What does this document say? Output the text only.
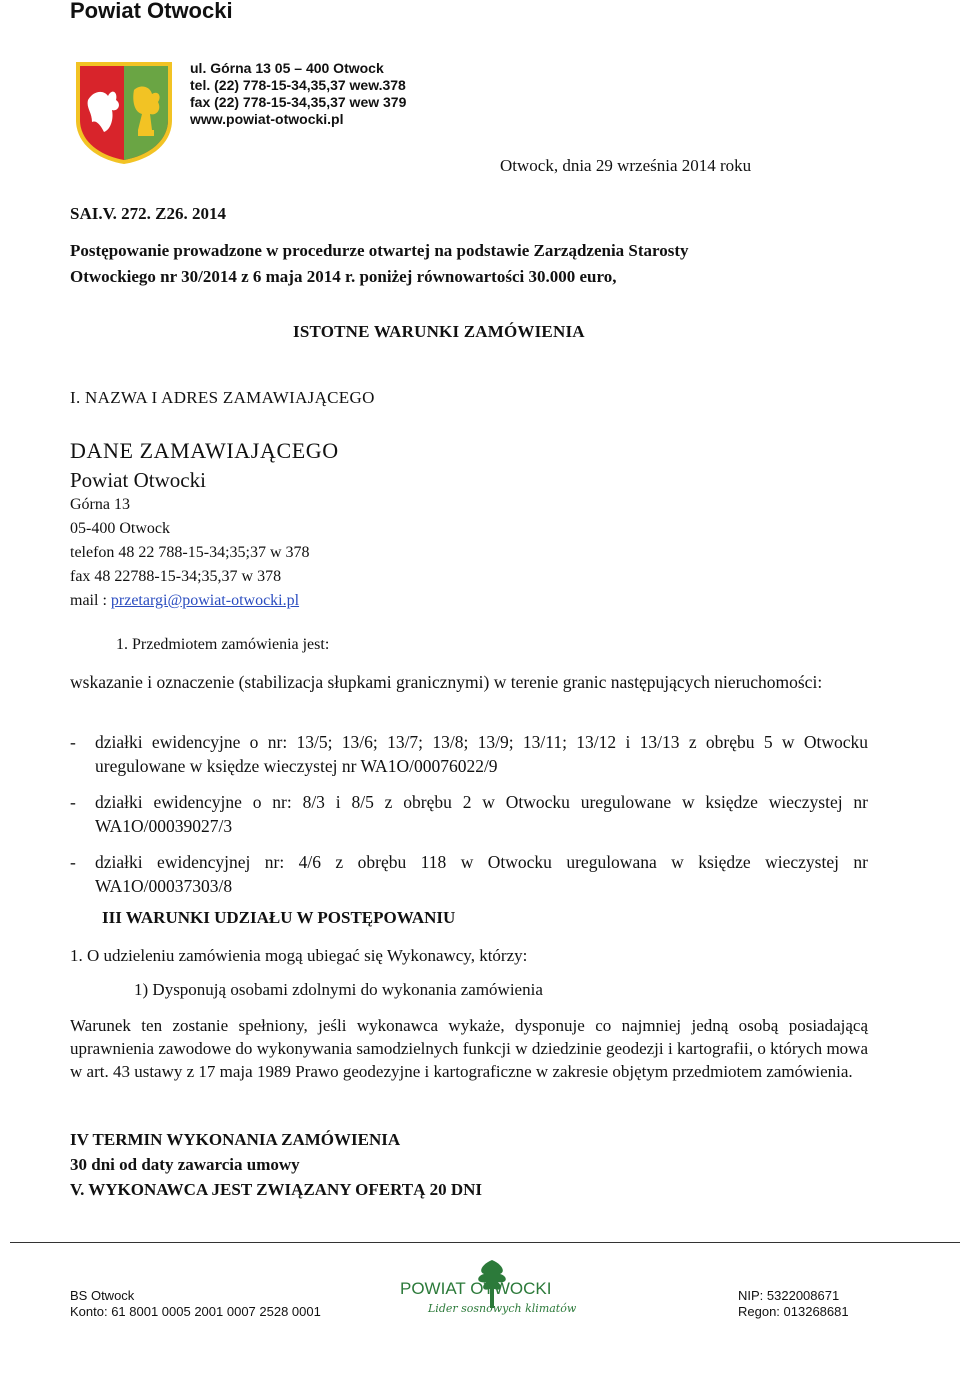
Powiat Otwocki
ul. Górna 13 05 – 400 Otwock
tel. (22) 778-15-34,35,37 wew.378
fax (22) 778-15-34,35,37 wew 379
www.powiat-otwocki.pl
Otwock, dnia 29 września 2014 roku
SAI.V. 272. Z26. 2014
Postępowanie prowadzone w procedurze otwartej na podstawie Zarządzenia Starosty
Otwockiego nr 30/2014 z 6 maja 2014 r. poniżej równowartości 30.000 euro,
ISTOTNE WARUNKI ZAMÓWIENIA
I. NAZWA I ADRES ZAMAWIAJĄCEGO
DANE ZAMAWIAJĄCEGO
Powiat Otwocki
Górna 13
05-400 Otwock
telefon 48 22 788-15-34;35;37 w 378
fax 48 22788-15-34;35,37 w 378
mail : przetargi@powiat-otwocki.pl
1. Przedmiotem zamówienia jest:
wskazanie i oznaczenie (stabilizacja słupkami granicznymi) w terenie granic następujących nieruchomości:
- działki ewidencyjne o nr: 13/5; 13/6; 13/7; 13/8; 13/9; 13/11; 13/12 i 13/13 z obrębu 5 w Otwocku uregulowane w księdze wieczystej nr WA1O/00076022/9
- działki ewidencyjne o nr: 8/3 i 8/5 z obrębu 2 w Otwocku uregulowane w księdze wieczystej nr WA1O/00039027/3
- działki ewidencyjnej nr: 4/6 z obrębu 118 w Otwocku uregulowana w księdze wieczystej nr WA1O/00037303/8
III WARUNKI UDZIAŁU W POSTĘPOWANIU
1. O udzieleniu zamówienia mogą ubiegać się Wykonawcy, którzy:
1) Dysponują osobami zdolnymi do wykonania zamówienia
Warunek ten zostanie spełniony, jeśli wykonawca wykaże, dysponuje co najmniej jedną osobą posiadającą uprawnienia zawodowe do wykonywania samodzielnych funkcji w dziedzinie geodezji i kartografii, o których mowa w art. 43 ustawy z 17 maja 1989 Prawo geodezyjne i kartograficzne w zakresie objętym przedmiotem zamówienia.
IV TERMIN WYKONANIA ZAMÓWIENIA
30 dni od daty zawarcia umowy
V. WYKONAWCA JEST ZWIĄZANY OFERTĄ 20 DNI
BS Otwock
Konto: 61 8001 0005 2001 0007 2528 0001
NIP: 5322008671
Regon: 013268681
POWIAT OTWOCKI
Lider sosnowych klimatów
